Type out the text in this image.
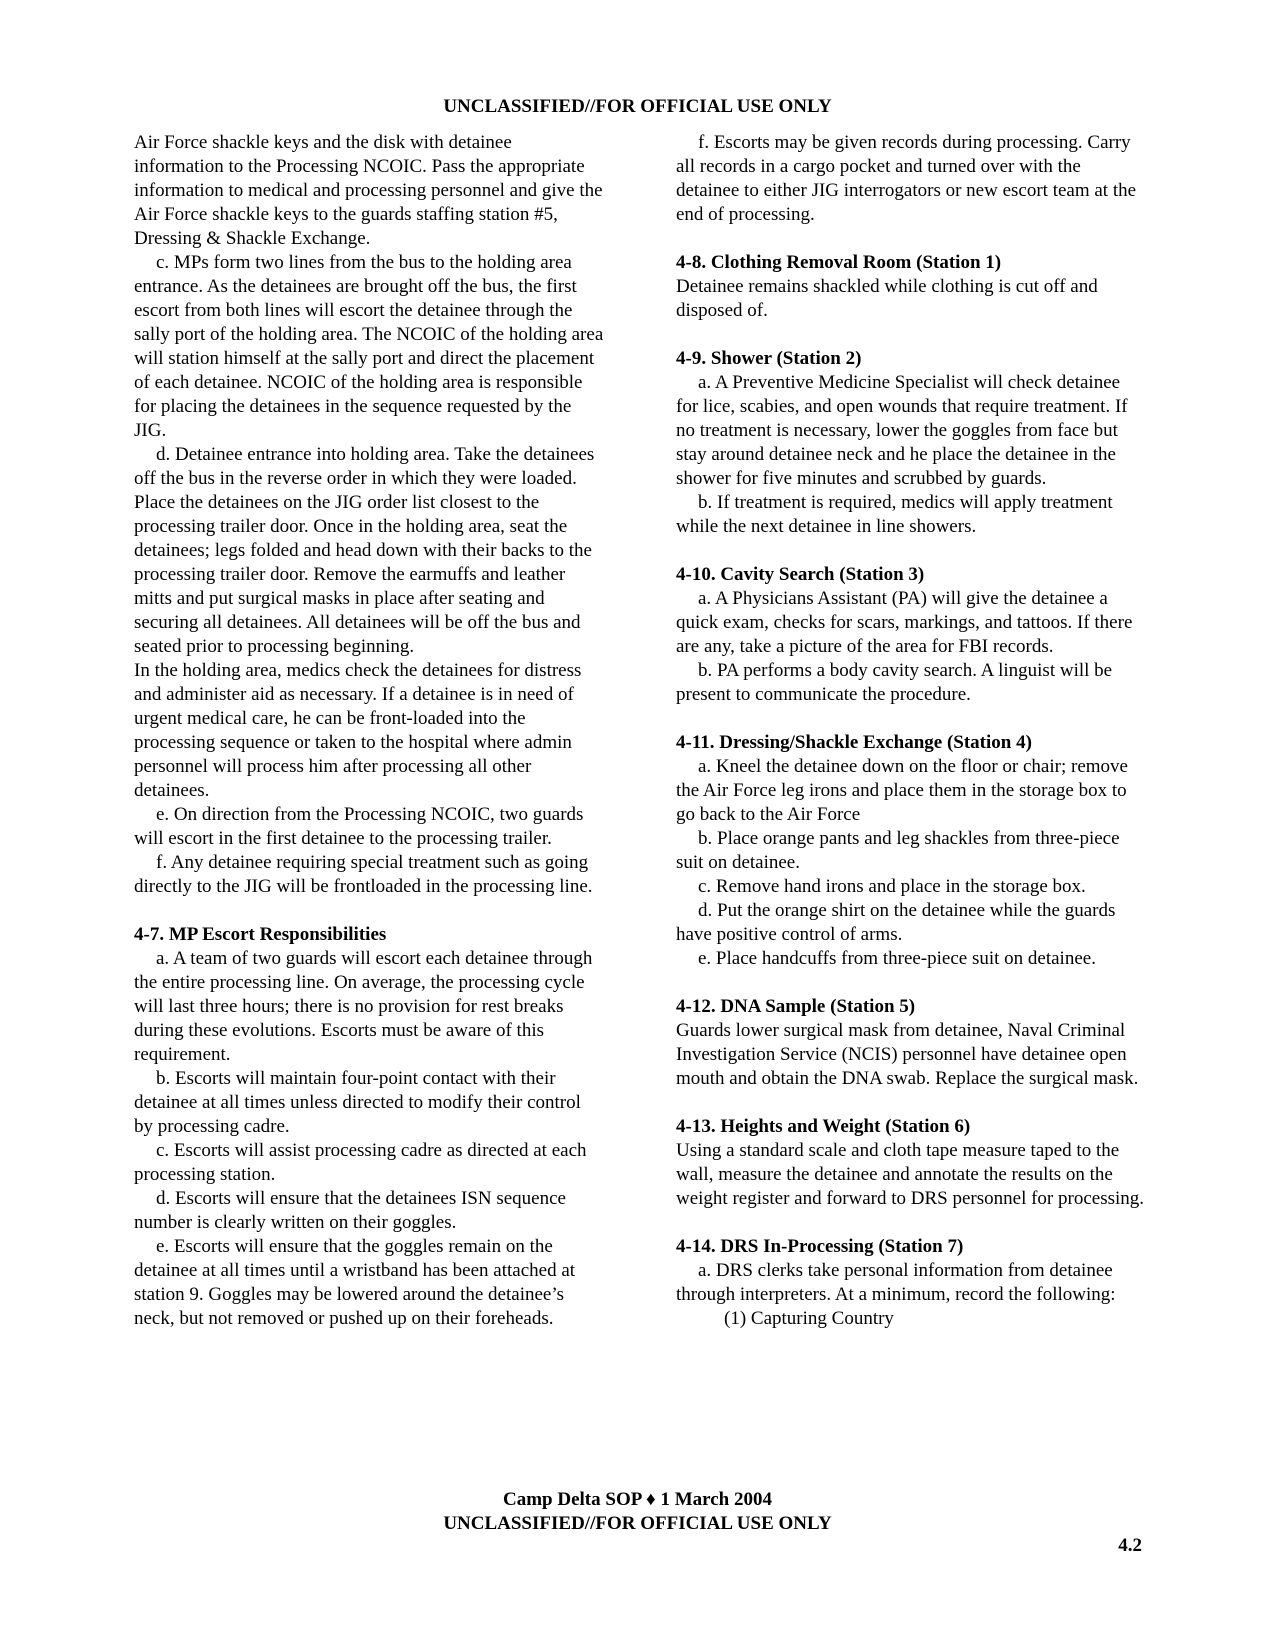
UNCLASSIFIED//FOR OFFICIAL USE ONLY

Air Force shackle keys and the disk with detainee information to the Processing NCOIC. Pass the appropriate information to medical and processing personnel and give the Air Force shackle keys to the guards staffing station #5, Dressing & Shackle Exchange.

c. MPs form two lines from the bus to the holding area entrance. As the detainees are brought off the bus, the first escort from both lines will escort the detainee through the sally port of the holding area. The NCOIC of the holding area will station himself at the sally port and direct the placement of each detainee. NCOIC of the holding area is responsible for placing the detainees in the sequence requested by the JIG.

d. Detainee entrance into holding area. Take the detainees off the bus in the reverse order in which they were loaded. Place the detainees on the JIG order list closest to the processing trailer door. Once in the holding area, seat the detainees; legs folded and head down with their backs to the processing trailer door. Remove the earmuffs and leather mitts and put surgical masks in place after seating and securing all detainees. All detainees will be off the bus and seated prior to processing beginning.

In the holding area, medics check the detainees for distress and administer aid as necessary. If a detainee is in need of urgent medical care, he can be front-loaded into the processing sequence or taken to the hospital where admin personnel will process him after processing all other detainees.

e. On direction from the Processing NCOIC, two guards will escort in the first detainee to the processing trailer.

f. Any detainee requiring special treatment such as going directly to the JIG will be frontloaded in the processing line.

4-7. MP Escort Responsibilities

a. A team of two guards will escort each detainee through the entire processing line. On average, the processing cycle will last three hours; there is no provision for rest breaks during these evolutions. Escorts must be aware of this requirement.

b. Escorts will maintain four-point contact with their detainee at all times unless directed to modify their control by processing cadre.

c. Escorts will assist processing cadre as directed at each processing station.

d. Escorts will ensure that the detainees ISN sequence number is clearly written on their goggles.

e. Escorts will ensure that the goggles remain on the detainee at all times until a wristband has been attached at station 9. Goggles may be lowered around the detainee’s neck, but not removed or pushed up on their foreheads.

f. Escorts may be given records during processing. Carry all records in a cargo pocket and turned over with the detainee to either JIG interrogators or new escort team at the end of processing.

4-8. Clothing Removal Room (Station 1)

Detainee remains shackled while clothing is cut off and disposed of.

4-9. Shower (Station 2)

a. A Preventive Medicine Specialist will check detainee for lice, scabies, and open wounds that require treatment. If no treatment is necessary, lower the goggles from face but stay around detainee neck and he place the detainee in the shower for five minutes and scrubbed by guards.

b. If treatment is required, medics will apply treatment while the next detainee in line showers.

4-10. Cavity Search (Station 3)

a. A Physicians Assistant (PA) will give the detainee a quick exam, checks for scars, markings, and tattoos. If there are any, take a picture of the area for FBI records.

b. PA performs a body cavity search. A linguist will be present to communicate the procedure.

4-11. Dressing/Shackle Exchange (Station 4)

a. Kneel the detainee down on the floor or chair; remove the Air Force leg irons and place them in the storage box to go back to the Air Force

b. Place orange pants and leg shackles from three-piece suit on detainee.

c. Remove hand irons and place in the storage box.

d. Put the orange shirt on the detainee while the guards have positive control of arms.

e. Place handcuffs from three-piece suit on detainee.

4-12. DNA Sample (Station 5)

Guards lower surgical mask from detainee, Naval Criminal Investigation Service (NCIS) personnel have detainee open mouth and obtain the DNA swab. Replace the surgical mask.

4-13. Heights and Weight (Station 6)

Using a standard scale and cloth tape measure taped to the wall, measure the detainee and annotate the results on the weight register and forward to DRS personnel for processing.

4-14. DRS In-Processing (Station 7)

a. DRS clerks take personal information from detainee through interpreters. At a minimum, record the following:

(1) Capturing Country

Camp Delta SOP ♦ 1 March 2004
UNCLASSIFIED//FOR OFFICIAL USE ONLY
4.2
